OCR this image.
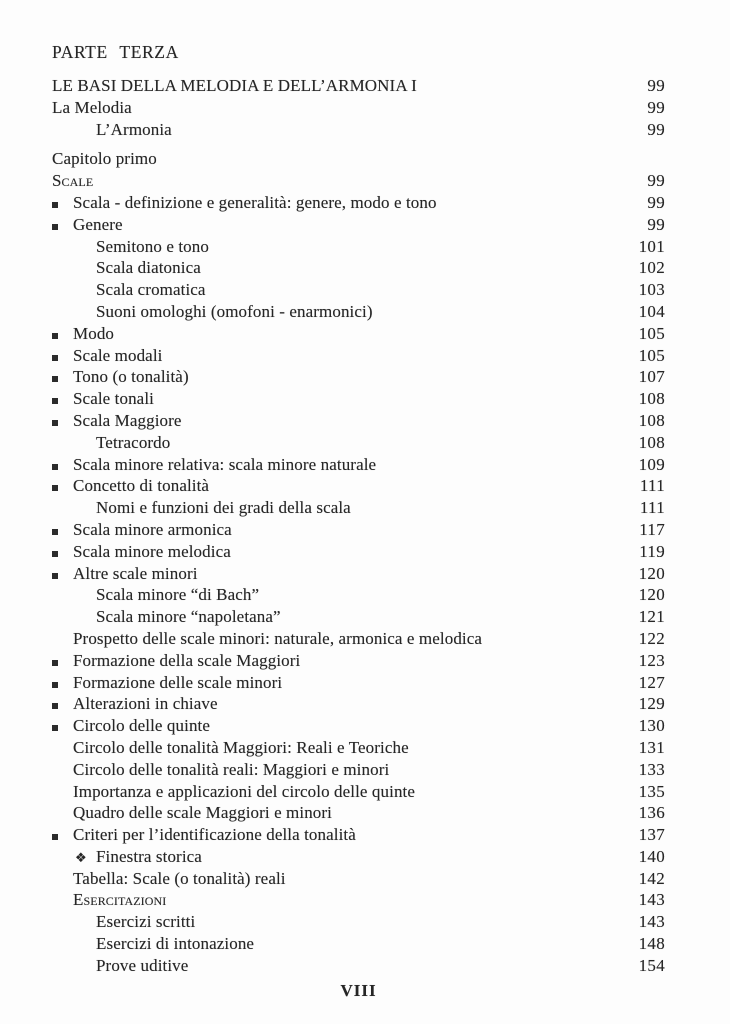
PARTE TERZA
LE BASI DELLA MELODIA E DELL’ARMONIA I	99
La Melodia	99
L’Armonia	99
Capitolo primo
Scale	99
Scala - definizione e generalità: genere, modo e tono	99
Genere	99
Semitono e tono	101
Scala diatonica	102
Scala cromatica	103
Suoni omologhi (omofoni - enarmonici)	104
Modo	105
Scale modali	105
Tono (o tonalità)	107
Scale tonali	108
Scala Maggiore	108
Tetracordo	108
Scala minore relativa: scala minore naturale	109
Concetto di tonalità	111
Nomi e funzioni dei gradi della scala	111
Scala minore armonica	117
Scala minore melodica	119
Altre scale minori	120
Scala minore “di Bach”	120
Scala minore “napoletana”	121
Prospetto delle scale minori: naturale, armonica e melodica	122
Formazione della scale Maggiori	123
Formazione delle scale minori	127
Alterazioni in chiave	129
Circolo delle quinte	130
Circolo delle tonalità Maggiori: Reali e Teoriche	131
Circolo delle tonalità reali: Maggiori e minori	133
Importanza e applicazioni del circolo delle quinte	135
Quadro delle scale Maggiori e minori	136
Criteri per l’identificazione della tonalità	137
❖ Finestra storica	140
Tabella: Scale (o tonalità) reali	142
Esercitazioni	143
Esercizi scritti	143
Esercizi di intonazione	148
Prove uditive	154
VIII
